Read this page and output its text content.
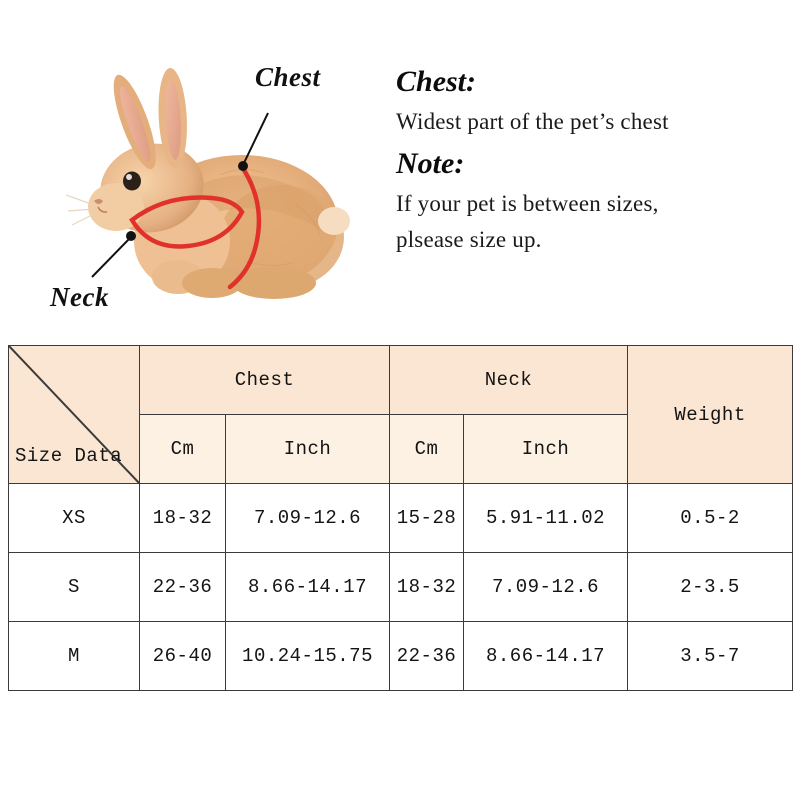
Chest
Neck

Chest:

Widest part of the pet’s chest

Note:

If your pet is between sizes,

plsease size up.

Size Data	Chest		Neck		Weight
	Cm	Inch	Cm	Inch	
XS	18-32	7.09-12.6	15-28	5.91-11.02	0.5-2
S	22-36	8.66-14.17	18-32	7.09-12.6	2-3.5
M	26-40	10.24-15.75	22-36	8.66-14.17	3.5-7
